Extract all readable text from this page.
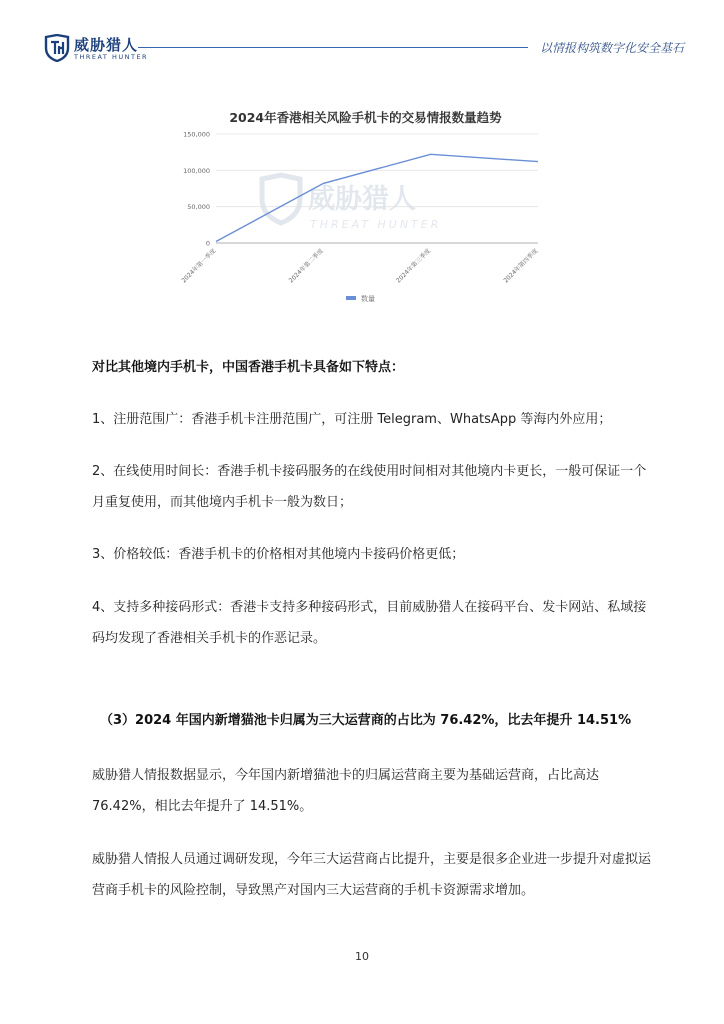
威胁猎人
THREAT HUNTER
以情报构筑数字化安全基石
2024年香港相关风险手机卡的交易情报数量趋势
威胁猎人
THREAT HUNTER
0
50,000
100,000
150,000
2024年第一季度	2024年第二季度	2024年第三季度	2024年第四季度
数量
对比其他境内手机卡，中国香港手机卡具备如下特点：
1、注册范围广：香港手机卡注册范围广，可注册 Telegram、WhatsApp 等海内外应用；
2、在线使用时间长：香港手机卡接码服务的在线使用时间相对其他境内卡更长，一般可保证一个月重复使用，而其他境内手机卡一般为数日；
3、价格较低：香港手机卡的价格相对其他境内卡接码价格更低；
4、支持多种接码形式：香港卡支持多种接码形式，目前威胁猎人在接码平台、发卡网站、私域接码均发现了香港相关手机卡的作恶记录。
（3）2024 年国内新增猫池卡归属为三大运营商的占比为 76.42%，比去年提升 14.51%
威胁猎人情报数据显示，今年国内新增猫池卡的归属运营商主要为基础运营商，占比高达 76.42%，相比去年提升了 14.51%。
威胁猎人情报人员通过调研发现，今年三大运营商占比提升，主要是很多企业进一步提升对虚拟运营商手机卡的风险控制，导致黑产对国内三大运营商的手机卡资源需求增加。
10
